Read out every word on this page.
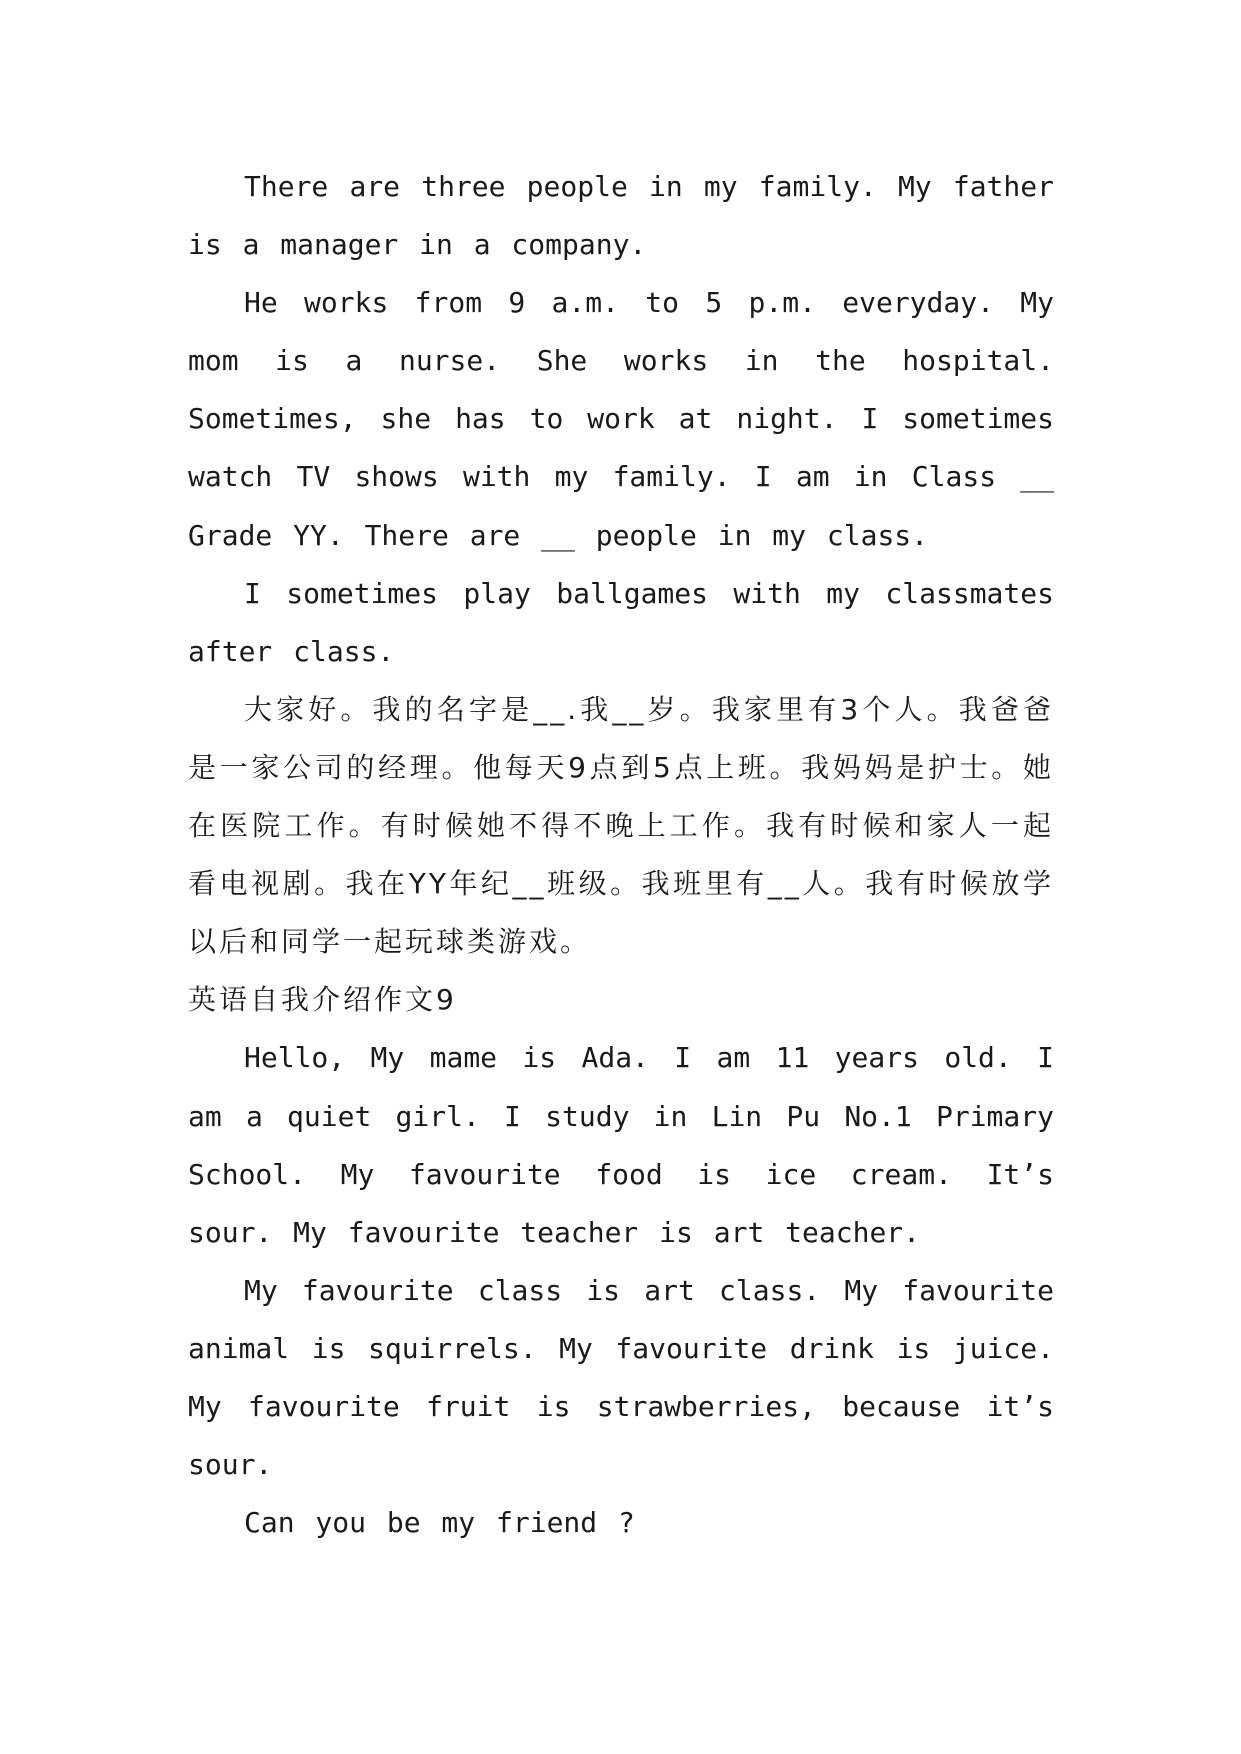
There are three people in my family. My father is a manager in a company.

He works from 9 a.m. to 5 p.m. everyday. My mom is a nurse. She works in the hospital. Sometimes, she has to work at night. I sometimes watch TV shows with my family. I am in Class __ Grade YY. There are __ people in my class.

I sometimes play ballgames with my classmates after class.

大家好。我的名字是__.我__岁。我家里有3个人。我爸爸是一家公司的经理。他每天9点到5点上班。我妈妈是护士。她在医院工作。有时候她不得不晚上工作。我有时候和家人一起看电视剧。我在YY年纪__班级。我班里有__人。我有时候放学以后和同学一起玩球类游戏。

英语自我介绍作文9

Hello, My mame is Ada. I am 11 years old. I am a quiet girl. I study in Lin Pu No.1 Primary School. My favourite food is ice cream. It’s sour. My favourite teacher is art teacher.

My favourite class is art class. My favourite animal is squirrels. My favourite drink is juice. My favourite fruit is strawberries, because it’s sour.

Can you be my friend ?
